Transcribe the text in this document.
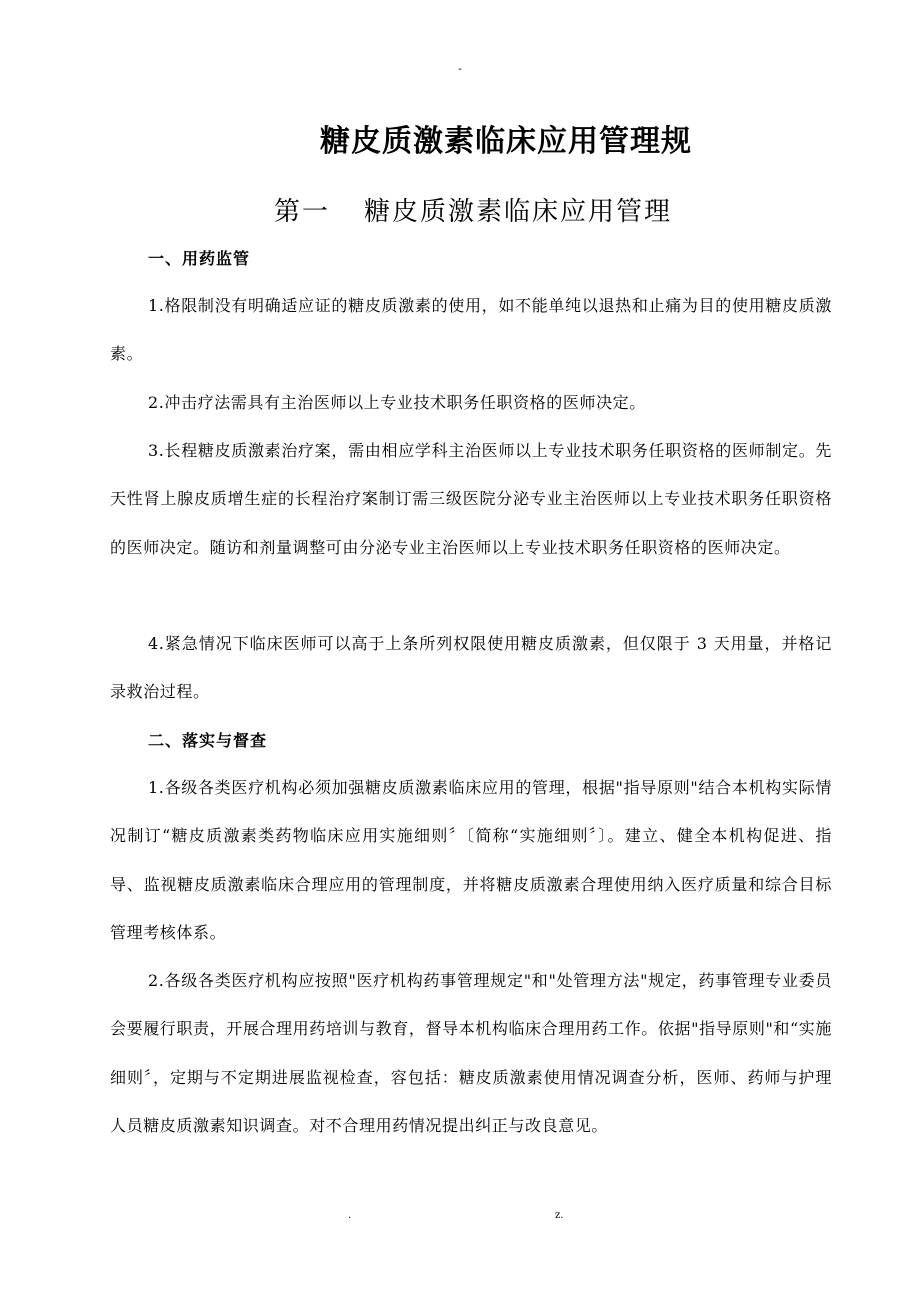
-
糖皮质激素临床应用管理规
第一 糖皮质激素临床应用管理
一、用药监管

1.格限制没有明确适应证的糖皮质激素的使用，如不能单纯以退热和止痛为目的使用糖皮质激素。

2.冲击疗法需具有主治医师以上专业技术职务任职资格的医师决定。

3.长程糖皮质激素治疗案，需由相应学科主治医师以上专业技术职务任职资格的医师制定。先天性肾上腺皮质增生症的长程治疗案制订需三级医院分泌专业主治医师以上专业技术职务任职资格的医师决定。随访和剂量调整可由分泌专业主治医师以上专业技术职务任职资格的医师决定。

4.紧急情况下临床医师可以高于上条所列权限使用糖皮质激素，但仅限于 3 天用量，并格记录救治过程。

二、落实与督查

1.各级各类医疗机构必须加强糖皮质激素临床应用的管理，根据"指导原则"结合本机构实际情况制订“糖皮质激素类药物临床应用实施细则〞〔简称“实施细则〞〕。建立、健全本机构促进、指导、监视糖皮质激素临床合理应用的管理制度，并将糖皮质激素合理使用纳入医疗质量和综合目标管理考核体系。

2.各级各类医疗机构应按照"医疗机构药事管理规定"和"处管理方法"规定，药事管理专业委员会要履行职责，开展合理用药培训与教育，督导本机构临床合理用药工作。依据"指导原则"和“实施细则〞，定期与不定期进展监视检查，容包括：糖皮质激素使用情况调查分析，医师、药师与护理人员糖皮质激素知识调查。对不合理用药情况提出纠正与改良意见。

.	z.
